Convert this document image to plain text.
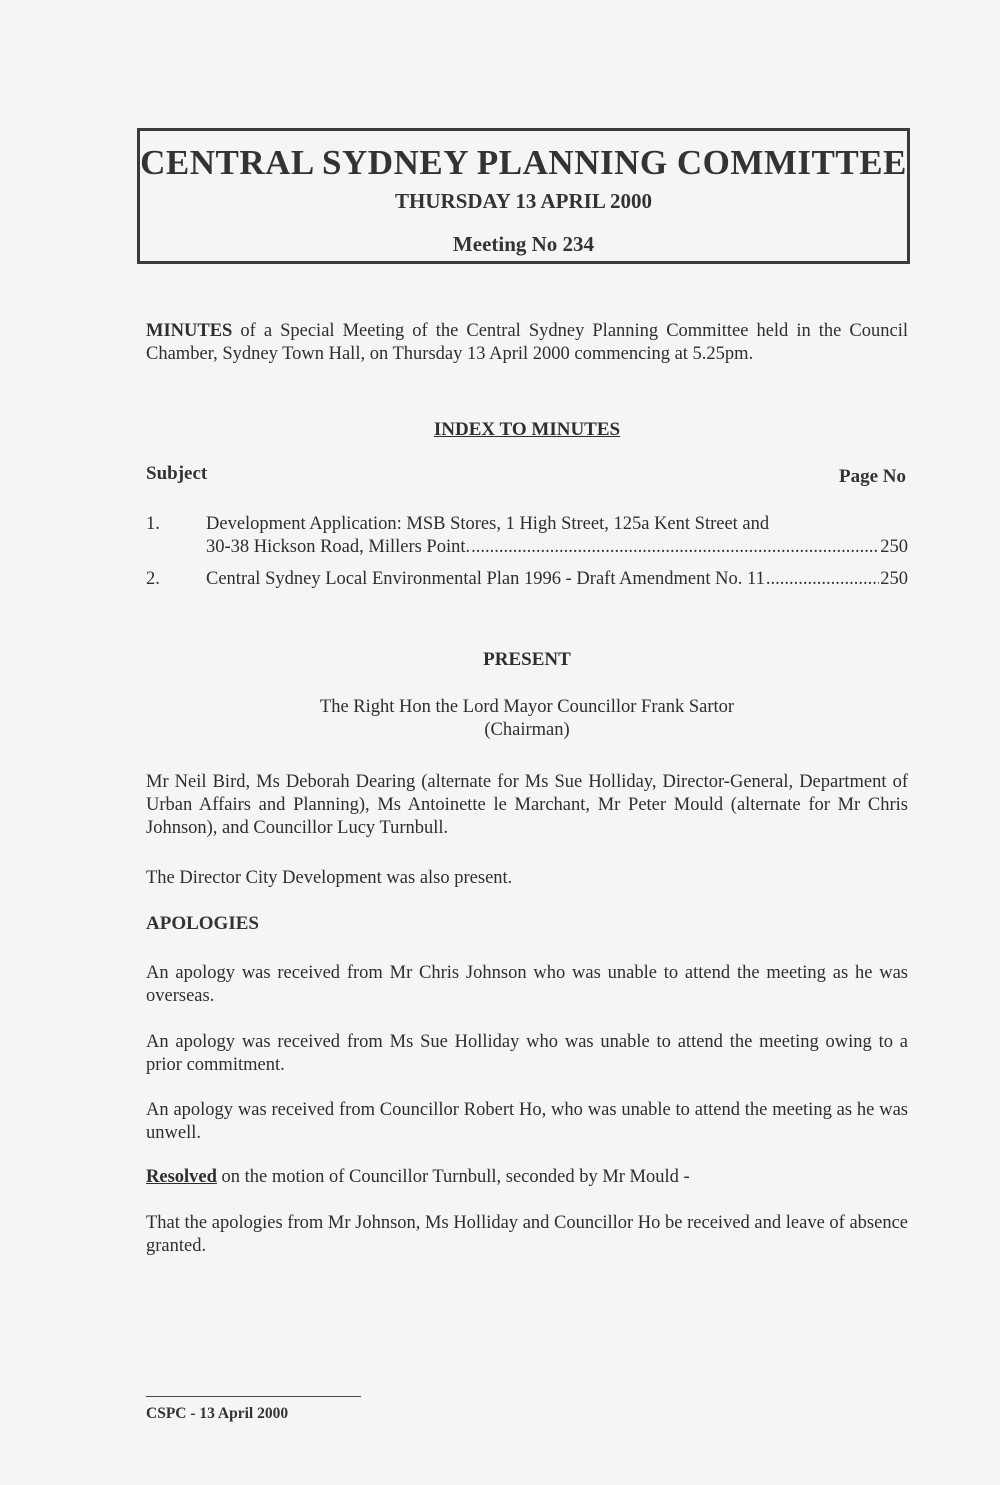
CENTRAL SYDNEY PLANNING COMMITTEE
THURSDAY 13 APRIL 2000
Meeting No 234
MINUTES of a Special Meeting of the Central Sydney Planning Committee held in the Council Chamber, Sydney Town Hall, on Thursday 13 April 2000 commencing at 5.25pm.
INDEX TO MINUTES
Subject	Page No
1. Development Application: MSB Stores, 1 High Street, 125a Kent Street and
30-38 Hickson Road, Millers Point. .....	250
2. Central Sydney Local Environmental Plan 1996 - Draft Amendment No. 11 .....	250
PRESENT
The Right Hon the Lord Mayor Councillor Frank Sartor
(Chairman)
Mr Neil Bird, Ms Deborah Dearing (alternate for Ms Sue Holliday, Director-General, Department of Urban Affairs and Planning), Ms Antoinette le Marchant, Mr Peter Mould (alternate for Mr Chris Johnson), and Councillor Lucy Turnbull.
The Director City Development was also present.
APOLOGIES
An apology was received from Mr Chris Johnson who was unable to attend the meeting as he was overseas.
An apology was received from Ms Sue Holliday who was unable to attend the meeting owing to a prior commitment.
An apology was received from Councillor Robert Ho, who was unable to attend the meeting as he was unwell.
Resolved on the motion of Councillor Turnbull, seconded by Mr Mould -
That the apologies from Mr Johnson, Ms Holliday and Councillor Ho be received and leave of absence granted.
CSPC - 13 April 2000
